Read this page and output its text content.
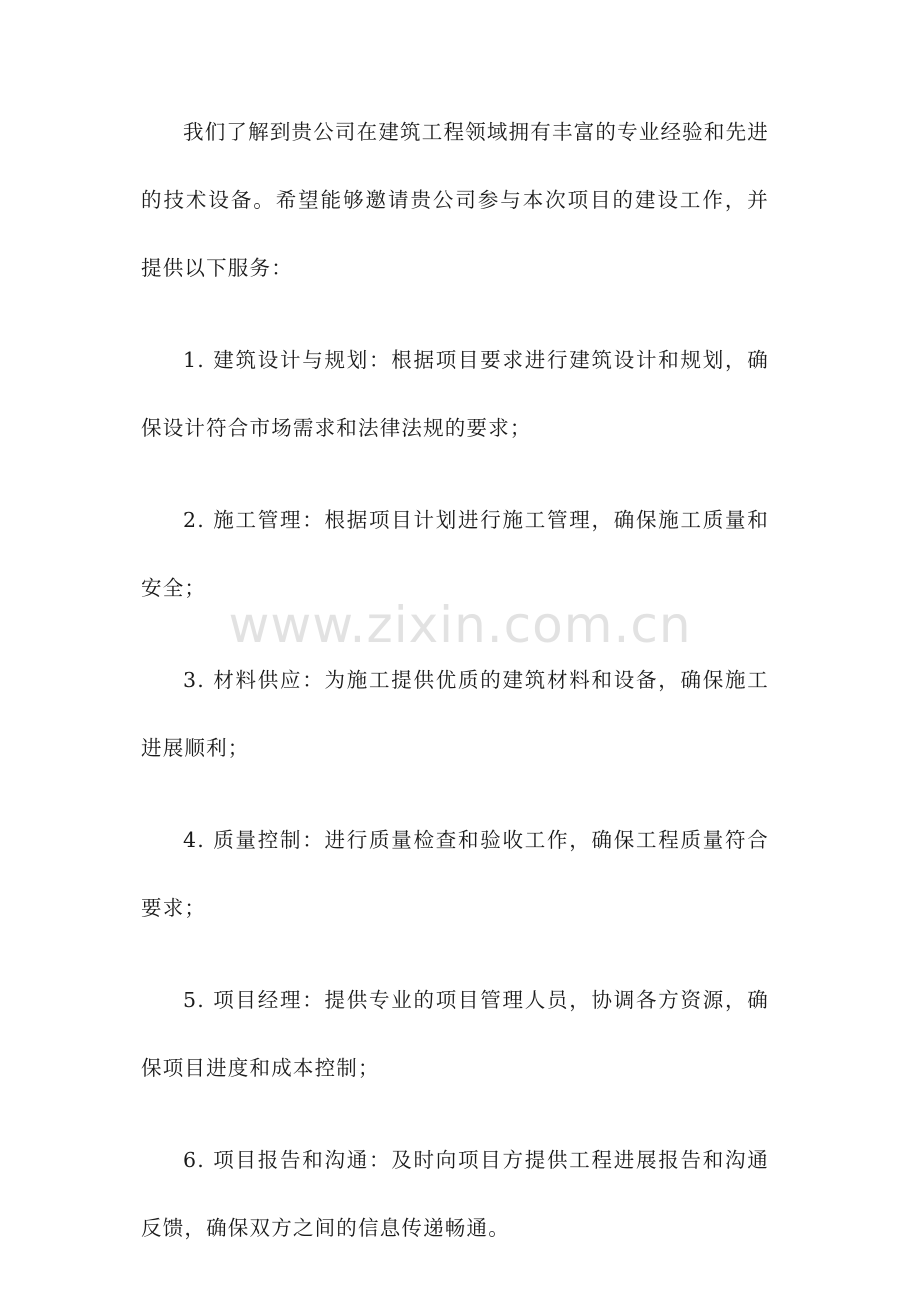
我们了解到贵公司在建筑工程领域拥有丰富的专业经验和先进的技术设备。希望能够邀请贵公司参与本次项目的建设工作，并提供以下服务：

1. 建筑设计与规划：根据项目要求进行建筑设计和规划，确保设计符合市场需求和法律法规的要求；

2. 施工管理：根据项目计划进行施工管理，确保施工质量和安全；

3. 材料供应：为施工提供优质的建筑材料和设备，确保施工进展顺利；

4. 质量控制：进行质量检查和验收工作，确保工程质量符合要求；

5. 项目经理：提供专业的项目管理人员，协调各方资源，确保项目进度和成本控制；

6. 项目报告和沟通：及时向项目方提供工程进展报告和沟通反馈，确保双方之间的信息传递畅通。

www.zixin.com.cn
